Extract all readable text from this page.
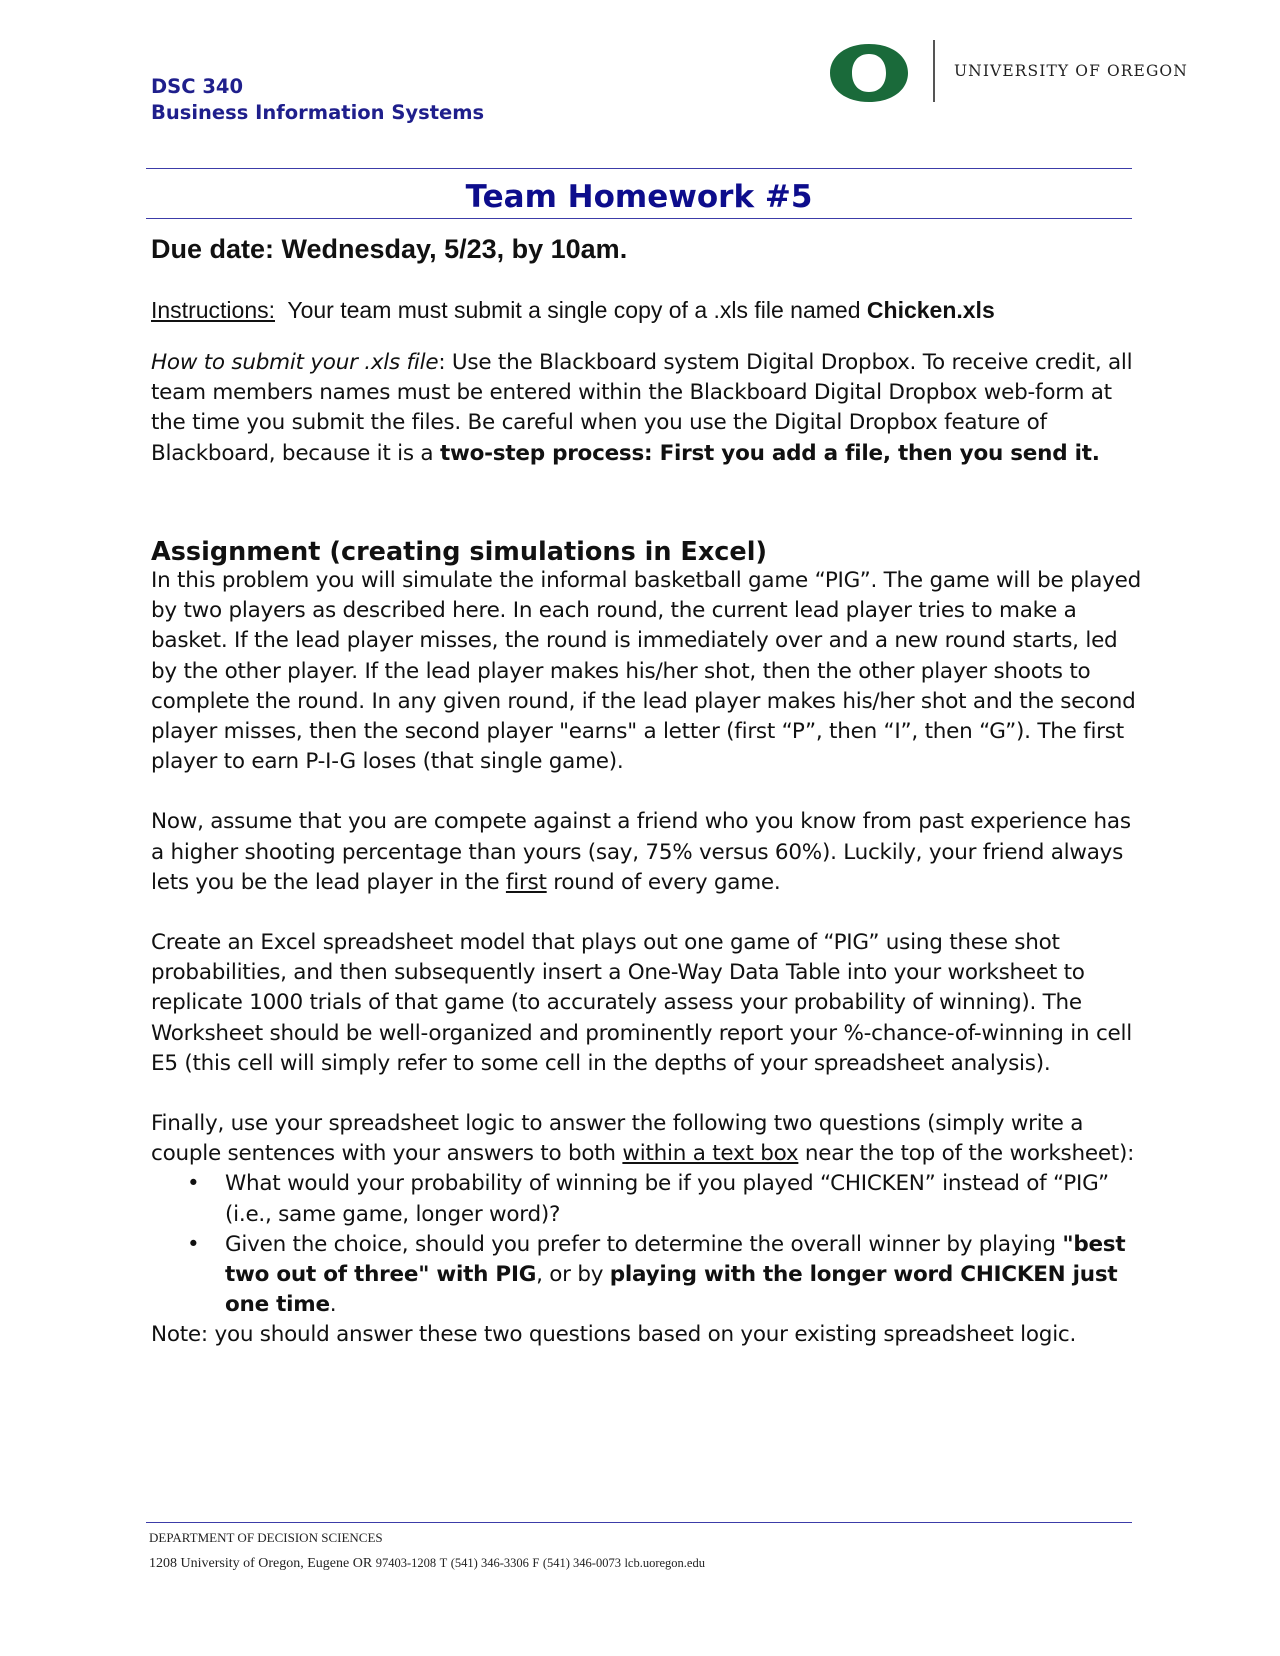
DSC 340
Business Information Systems
UNIVERSITY OF OREGON
Team Homework #5
Due date: Wednesday, 5/23, by 10am.
Instructions:  Your team must submit a single copy of a .xls file named Chicken.xls

How to submit your .xls file: Use the Blackboard system Digital Dropbox. To receive credit, all team members names must be entered within the Blackboard Digital Dropbox web-form at the time you submit the files. Be careful when you use the Digital Dropbox feature of Blackboard, because it is a two-step process: First you add a file, then you send it.

Assignment (creating simulations in Excel)

In this problem you will simulate the informal basketball game “PIG”. The game will be played by two players as described here. In each round, the current lead player tries to make a basket. If the lead player misses, the round is immediately over and a new round starts, led by the other player. If the lead player makes his/her shot, then the other player shoots to complete the round. In any given round, if the lead player makes his/her shot and the second player misses, then the second player "earns" a letter (first “P”, then “I”, then “G”). The first player to earn P-I-G loses (that single game).

Now, assume that you are compete against a friend who you know from past experience has a higher shooting percentage than yours (say, 75% versus 60%). Luckily, your friend always lets you be the lead player in the first round of every game.

Create an Excel spreadsheet model that plays out one game of “PIG” using these shot probabilities, and then subsequently insert a One-Way Data Table into your worksheet to replicate 1000 trials of that game (to accurately assess your probability of winning). The Worksheet should be well-organized and prominently report your %-chance-of-winning in cell E5 (this cell will simply refer to some cell in the depths of your spreadsheet analysis).

Finally, use your spreadsheet logic to answer the following two questions (simply write a couple sentences with your answers to both within a text box near the top of the worksheet):

• What would your probability of winning be if you played “CHICKEN” instead of “PIG” (i.e., same game, longer word)?
• Given the choice, should you prefer to determine the overall winner by playing "best two out of three" with PIG, or by playing with the longer word CHICKEN just one time.

Note: you should answer these two questions based on your existing spreadsheet logic.

DEPARTMENT OF DECISION SCIENCES
1208 University of Oregon, Eugene OR 97403-1208 T (541) 346-3306 F (541) 346-0073 lcb.uoregon.edu
